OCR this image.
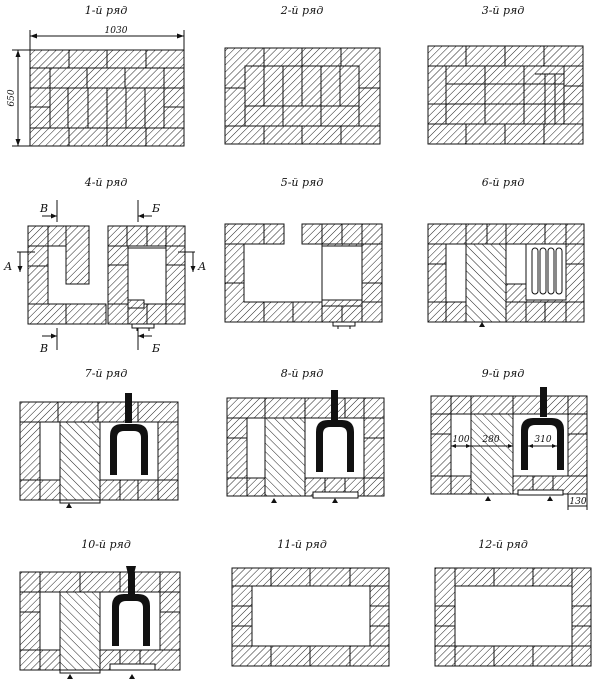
1-й ряд	2-й ряд	3-й ряд
4-й ряд	5-й ряд	6-й ряд
7-й ряд	8-й ряд	9-й ряд
10-й ряд	11-й ряд	12-й ряд
1030
650
В	Б
В	Б
А	А
100 280	310
130
